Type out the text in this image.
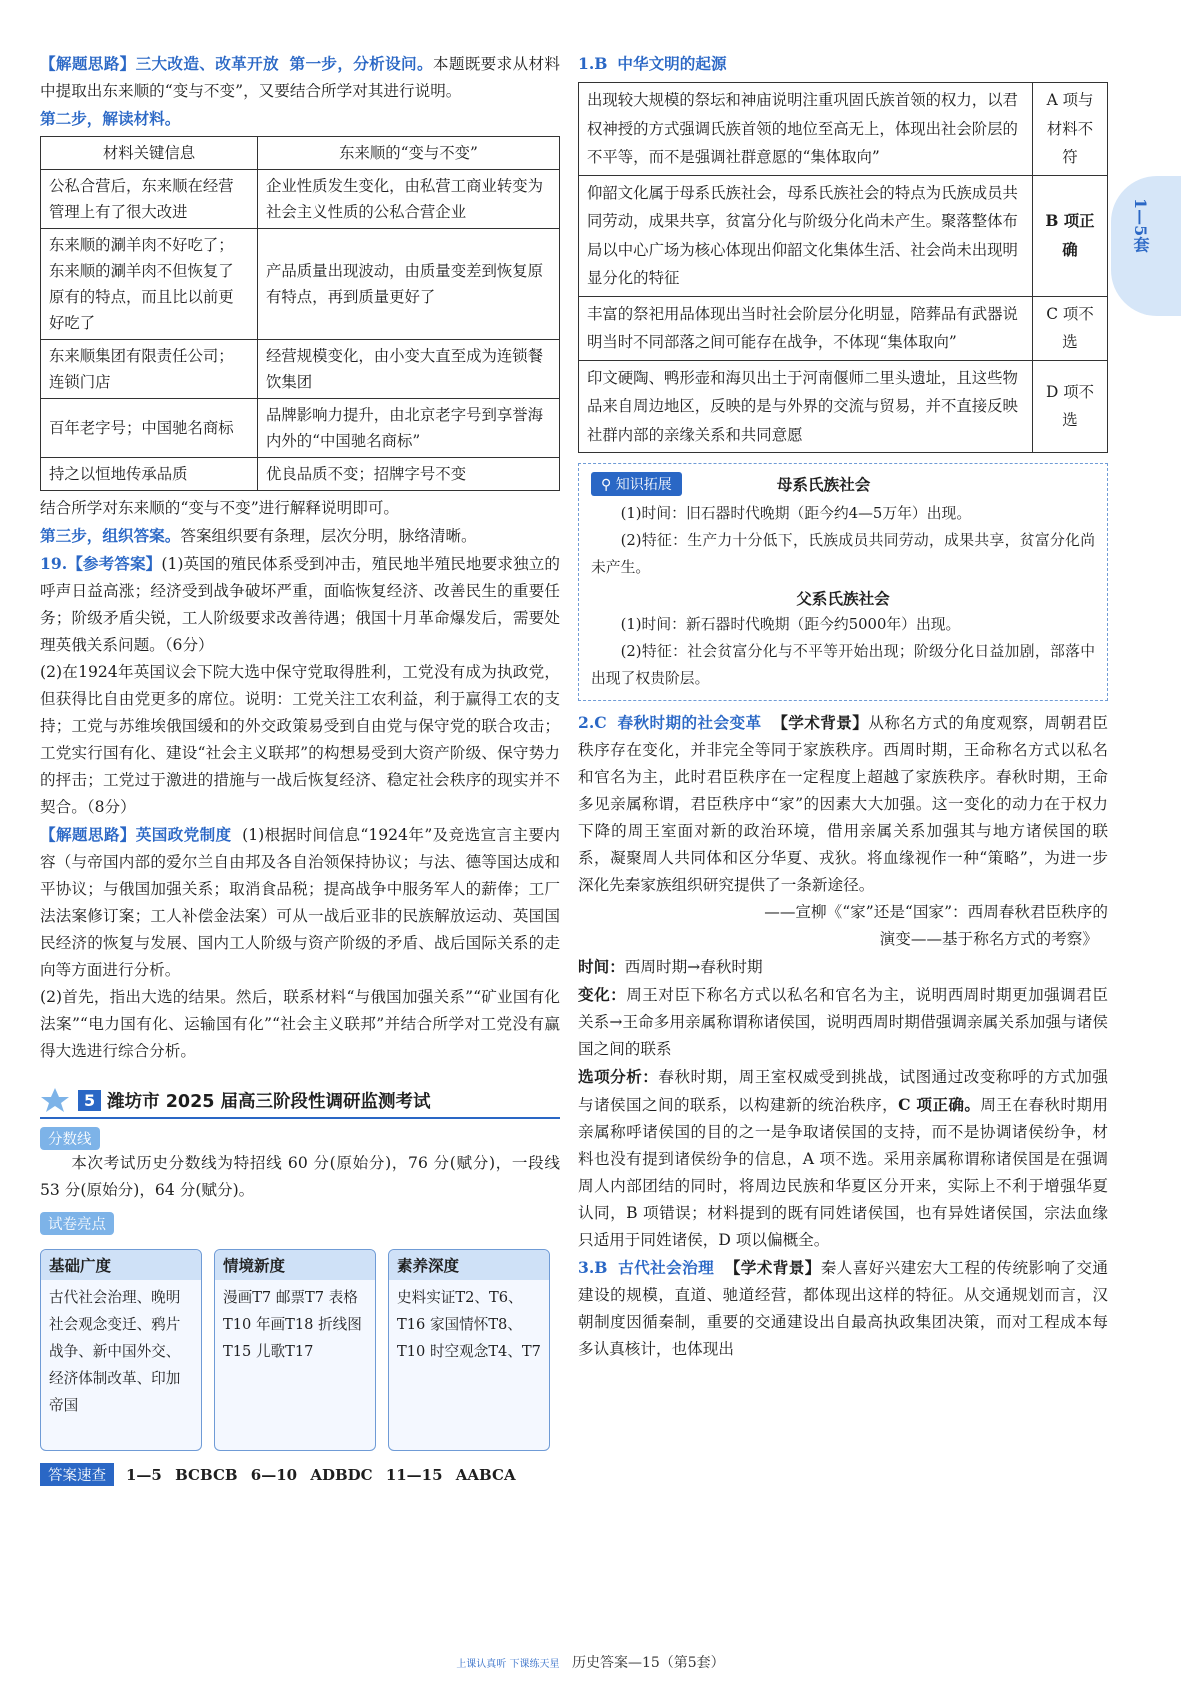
1—5套

【解题思路】三大改造、改革开放 第一步，分析设问。本题既要求从材料中提取出东来顺的“变与不变”，又要结合所学对其进行说明。

第二步，解读材料。

材料关键信息	东来顺的“变与不变”
公私合营后，东来顺在经营管理上有了很大改进	企业性质发生变化，由私营工商业转变为社会主义性质的公私合营企业
东来顺的涮羊肉不好吃了；东来顺的涮羊肉不但恢复了原有的特点，而且比以前更好吃了	产品质量出现波动，由质量变差到恢复原有特点，再到质量更好了
东来顺集团有限责任公司；连锁门店	经营规模变化，由小变大直至成为连锁餐饮集团
百年老字号；中国驰名商标	品牌影响力提升，由北京老字号到享誉海内外的“中国驰名商标”
持之以恒地传承品质	优良品质不变；招牌字号不变

结合所学对东来顺的“变与不变”进行解释说明即可。

第三步，组织答案。答案组织要有条理，层次分明，脉络清晰。

19.【参考答案】(1)英国的殖民体系受到冲击，殖民地半殖民地要求独立的呼声日益高涨；经济受到战争破坏严重，面临恢复经济、改善民生的重要任务；阶级矛盾尖锐，工人阶级要求改善待遇；俄国十月革命爆发后，需要处理英俄关系问题。（6分）

(2)在1924年英国议会下院大选中保守党取得胜利，工党没有成为执政党，但获得比自由党更多的席位。说明：工党关注工农利益，利于赢得工农的支持；工党与苏维埃俄国缓和的外交政策易受到自由党与保守党的联合攻击；工党实行国有化、建设“社会主义联邦”的构想易受到大资产阶级、保守势力的抨击；工党过于激进的措施与一战后恢复经济、稳定社会秩序的现实并不契合。（8分）

【解题思路】英国政党制度 (1)根据时间信息“1924年”及竞选宣言主要内容（与帝国内部的爱尔兰自由邦及各自治领保持协议；与法、德等国达成和平协议；与俄国加强关系；取消食品税；提高战争中服务军人的薪俸；工厂法法案修订案；工人补偿金法案）可从一战后亚非的民族解放运动、英国国民经济的恢复与发展、国内工人阶级与资产阶级的矛盾、战后国际关系的走向等方面进行分析。

(2)首先，指出大选的结果。然后，联系材料“与俄国加强关系”“矿业国有化法案”“电力国有化、运输国有化”“社会主义联邦”并结合所学对工党没有赢得大选进行综合分析。

5 潍坊市 2025 届高三阶段性调研监测考试
分数线

本次考试历史分数线为特招线 60 分(原始分)，76 分(赋分)，一段线 53 分(原始分)，64 分(赋分)。

试卷亮点
基础广度
古代社会治理、晚明社会观念变迁、鸦片战争、新中国外交、经济体制改革、印加帝国
情境新度
漫画T7 邮票T7 表格T10 年画T18 折线图T15 儿歌T17
素养深度
史料实证T2、T6、T16 家国情怀T8、T10 时空观念T4、T7
答案速查	1—5 BCBCB 6—10 ADBDC 11—15 AABCA

1.B 中华文明的起源

出现较大规模的祭坛和神庙说明注重巩固氏族首领的权力，以君权神授的方式强调氏族首领的地位至高无上，体现出社会阶层的不平等，而不是强调社群意愿的“集体取向”	A 项与材料不符
仰韶文化属于母系氏族社会，母系氏族社会的特点为氏族成员共同劳动，成果共享，贫富分化与阶级分化尚未产生。聚落整体布局以中心广场为核心体现出仰韶文化集体生活、社会尚未出现明显分化的特征	B 项正确
丰富的祭祀用品体现出当时社会阶层分化明显，陪葬品有武器说明当时不同部落之间可能存在战争，不体现“集体取向”	C 项不选
印文硬陶、鸭形壶和海贝出土于河南偃师二里头遗址，且这些物品来自周边地区，反映的是与外界的交流与贸易，并不直接反映社群内部的亲缘关系和共同意愿	D 项不选
⚲ 知识拓展	母系氏族社会

(1)时间：旧石器时代晚期（距今约4—5万年）出现。

(2)特征：生产力十分低下，氏族成员共同劳动，成果共享，贫富分化尚未产生。

父系氏族社会

(1)时间：新石器时代晚期（距今约5000年）出现。

(2)特征：社会贫富分化与不平等开始出现；阶级分化日益加剧，部落中出现了权贵阶层。

2.C 春秋时期的社会变革 【学术背景】从称名方式的角度观察，周朝君臣秩序存在变化，并非完全等同于家族秩序。西周时期，王命称名方式以私名和官名为主，此时君臣秩序在一定程度上超越了家族秩序。春秋时期，王命多见亲属称谓，君臣秩序中“家”的因素大大加强。这一变化的动力在于权力下降的周王室面对新的政治环境，借用亲属关系加强其与地方诸侯国的联系，凝聚周人共同体和区分华夏、戎狄。将血缘视作一种“策略”，为进一步深化先秦家族组织研究提供了一条新途径。

——宣柳《“家”还是“国家”：西周春秋君臣秩序的

演变——基于称名方式的考察》

时间：西周时期→春秋时期

变化：周王对臣下称名方式以私名和官名为主，说明西周时期更加强调君臣关系→王命多用亲属称谓称诸侯国，说明西周时期借强调亲属关系加强与诸侯国之间的联系

选项分析：春秋时期，周王室权威受到挑战，试图通过改变称呼的方式加强与诸侯国之间的联系，以构建新的统治秩序，C 项正确。周王在春秋时期用亲属称呼诸侯国的目的之一是争取诸侯国的支持，而不是协调诸侯纷争，材料也没有提到诸侯纷争的信息，A 项不选。采用亲属称谓称诸侯国是在强调周人内部团结的同时，将周边民族和华夏区分开来，实际上不利于增强华夏认同，B 项错误；材料提到的既有同姓诸侯国，也有异姓诸侯国，宗法血缘只适用于同姓诸侯，D 项以偏概全。

3.B 古代社会治理 【学术背景】秦人喜好兴建宏大工程的传统影响了交通建设的规模，直道、驰道经营，都体现出这样的特征。从交通规划而言，汉朝制度因循秦制，重要的交通建设出自最高执政集团决策，而对工程成本每多认真核计，也体现出

上课认真听 下课练天星 历史答案—15（第5套）
